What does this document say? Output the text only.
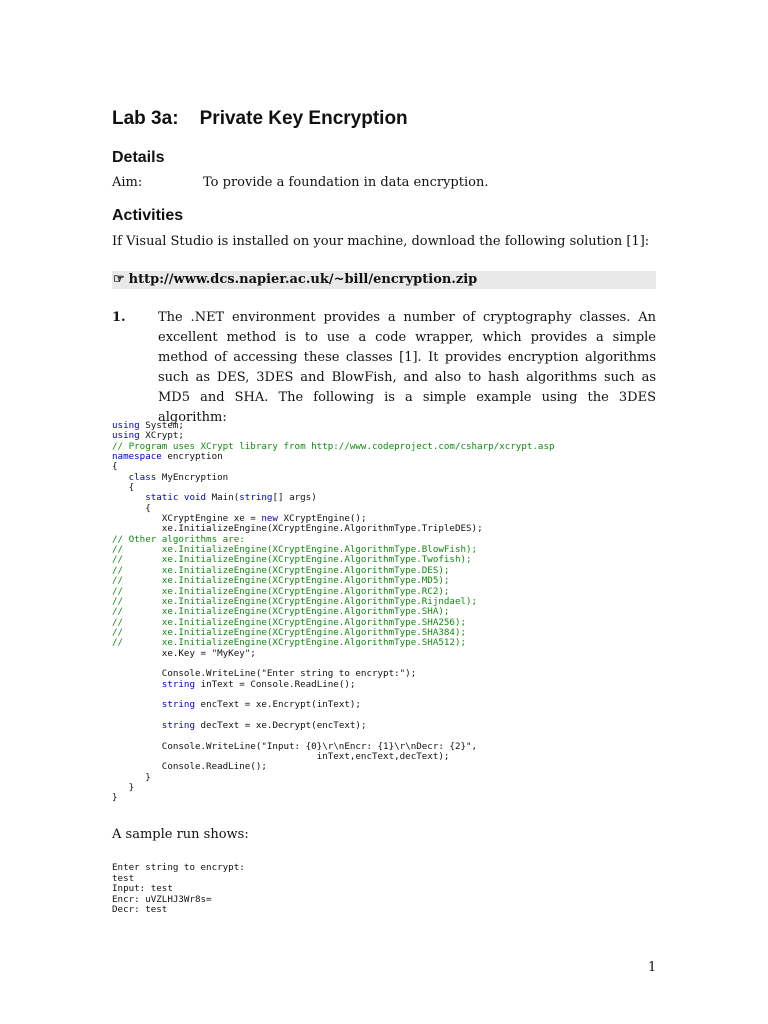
Lab 3a:    Private Key Encryption
Details
Aim:	To provide a foundation in data encryption.
Activities
If Visual Studio is installed on your machine, download the following solution [1]:
☞ http://www.dcs.napier.ac.uk/~bill/encryption.zip
1. The .NET environment provides a number of cryptography classes. An excellent method is to use a code wrapper, which provides a simple method of accessing these classes [1]. It provides encryption algorithms such as DES, 3DES and BlowFish, and also to hash algorithms such as MD5 and SHA. The following is a simple example using the 3DES algorithm:
using System;
using XCrypt;
// Program uses XCrypt library from http://www.codeproject.com/csharp/xcrypt.asp
namespace encryption
{
class MyEncryption
{
static void Main(string[] args)
{
XCryptEngine xe = new XCryptEngine();
xe.InitializeEngine(XCryptEngine.AlgorithmType.TripleDES);
// Other algorithms are:
//       xe.InitializeEngine(XCryptEngine.AlgorithmType.BlowFish);
//       xe.InitializeEngine(XCryptEngine.AlgorithmType.Twofish);
//       xe.InitializeEngine(XCryptEngine.AlgorithmType.DES);
//       xe.InitializeEngine(XCryptEngine.AlgorithmType.MD5);
//       xe.InitializeEngine(XCryptEngine.AlgorithmType.RC2);
//       xe.InitializeEngine(XCryptEngine.AlgorithmType.Rijndael);
//       xe.InitializeEngine(XCryptEngine.AlgorithmType.SHA);
//       xe.InitializeEngine(XCryptEngine.AlgorithmType.SHA256);
//       xe.InitializeEngine(XCryptEngine.AlgorithmType.SHA384);
//       xe.InitializeEngine(XCryptEngine.AlgorithmType.SHA512);
xe.Key = "MyKey";
Console.WriteLine("Enter string to encrypt:");
string inText = Console.ReadLine();
string encText = xe.Encrypt(inText);
string decText = xe.Decrypt(encText);
Console.WriteLine("Input: {0}\r\nEncr: {1}\r\nDecr: {2}",
inText,encText,decText);
Console.ReadLine();
}
}
}
A sample run shows:
Enter string to encrypt:
test
Input: test
Encr: uVZLHJ3Wr8s=
Decr: test
1
